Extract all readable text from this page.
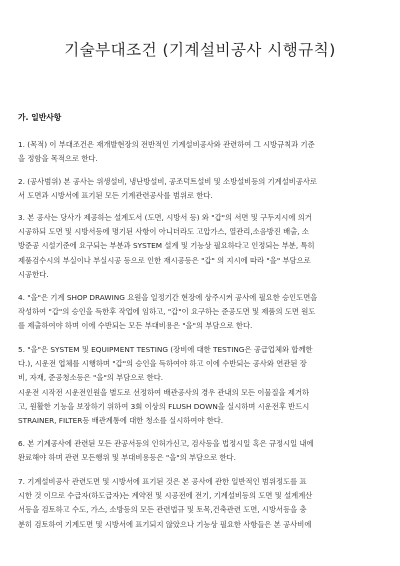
기술부대조건 (기계설비공사 시행규칙)
가. 일반사항
1. (목적) 이 부대조건은 재개발현장의 전반적인 기계설비공사와 관련하여 그 시방규칙과 기준
을 정함을 목적으로 한다.
2. (공사범위) 본 공사는 위생설비, 냉난방설비, 공조덕트설비 및 소방설비등의 기계설비공사로
서 도면과 시방서에 표기된 모든 기계관련공사를 범위로 한다.
3. 본 공사는 당사가 제공하는 설계도서 (도면, 시방서 등) 와 "갑"의 서면 및 구두지시에 의거
시공하되 도면 및 시방서등에 명기된 사항이 아니더라도 고압가스, 열관리,소음방진 배출, 소
방준공 시설기준에 요구되는 부분과 SYSTEM 설계 및 기능상 필요하다고 인정되는 부분, 특히
제품검수시의 부실이나 부실시공 등으로 인한 재시공등은 "갑" 의 지시에 따라 "을" 부담으로
시공한다.
4. "을"은 기계 SHOP DRAWING 요원을 일정기간 현장에 상주시켜 공사에 필요한 승인도면을
작성하여 "갑"의 승인을 득한후 작업에 임하고, "갑"이 요구하는 준공도면 및 제품의 도면 원도
를 제출하여야 하며 이에 수반되는 모든 부대비용은 "을"의 부담으로 한다.
5. "을"은 SYSTEM 및 EQUIPMENT TESTING (장비에 대한 TESTING은 공급업체와 합께한
다.), 시운전 업체를 시행하며 "갑"의 승인을 득하여야 하고 이에 수반되는 공사와 연관된 장
비, 자재, 준공청소등은 "을"의 부담으로 한다.
시운전 시작전 시운전인원을 별도로 선정하여 배관공사의 경우 관내의 모든 이물질을 제거하
고, 원활한 기능을 보장하기 위하여 3회 이상의 FLUSH DOWN을 실시하며 시운전후 반드시
STRAINER, FILTER등 배관계통에 대한 청소를 실시하여야 한다.
6. 본 기계공사에 관련된 모든 관공서등의 인허가신고, 검사등을 법정시일 혹은 규정시일 내에
완료해야 하며 관련 모든행위 및 부대비용등은 "을"의 부담으로 한다.
7. 기계설비공사 관련도면 및 시방서에 표기된 것은 본 공사에 관한 일반적인 범위정도를 표
시한 것 이므로 수급자(하도급자)는 계약전 및 시공전에 전기, 기계설비등의 도면 및 설계계산
서등을 검토하고 수도, 가스, 소방등의 모든 관련법규 및 토목,건축관련 도면, 시방서등을 충
분히 검토하여 기계도면 및 시방서에 표기되지 않았으나 기능상 필요한 사항들은 본 공사비에
